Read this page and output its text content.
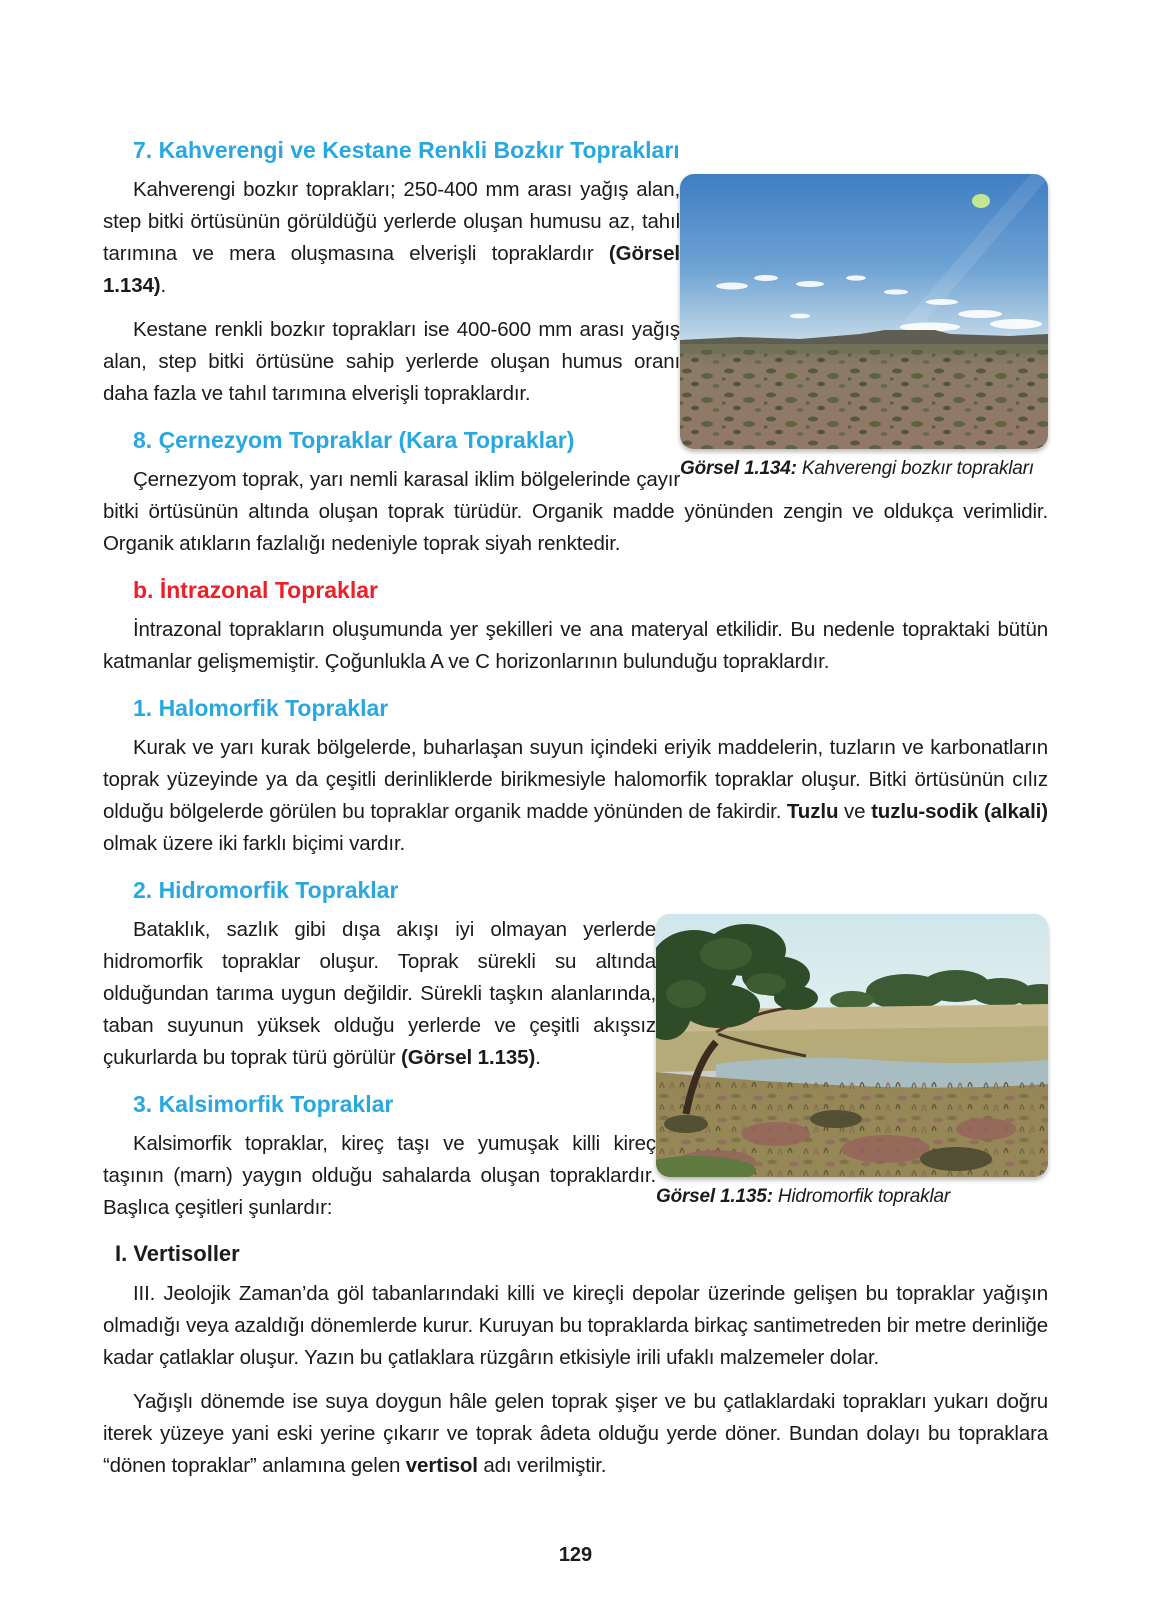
7. Kahverengi ve Kestane Renkli Bozkır Toprakları
Görsel 1.134: Kahverengi bozkır toprakları

Kahverengi bozkır toprakları; 250-400 mm arası yağış alan, step bitki örtüsünün görüldüğü yerlerde oluşan humusu az, tahıl tarımına ve mera oluşmasına elverişli topraklardır (Görsel 1.134).

Kestane renkli bozkır toprakları ise 400-600 mm arası yağış alan, step bitki örtüsüne sahip yerlerde oluşan humus oranı daha fazla ve tahıl tarımına elverişli topraklardır.

8. Çernezyom Topraklar (Kara Topraklar)

Çernezyom toprak, yarı nemli karasal iklim bölgelerinde çayır bitki örtüsünün altında oluşan toprak türüdür. Organik madde yönünden zengin ve oldukça verimlidir. Organik atıkların fazlalığı nedeniyle toprak siyah renktedir.

b. İntrazonal Topraklar

İntrazonal toprakların oluşumunda yer şekilleri ve ana materyal etkilidir. Bu nedenle topraktaki bütün katmanlar gelişmemiştir. Çoğunlukla A ve C horizonlarının bulunduğu topraklardır.

1. Halomorfik Topraklar

Kurak ve yarı kurak bölgelerde, buharlaşan suyun içindeki eriyik maddelerin, tuzların ve karbonatların toprak yüzeyinde ya da çeşitli derinliklerde birikmesiyle halomorfik topraklar oluşur. Bitki örtüsünün cılız olduğu bölgelerde görülen bu topraklar organik madde yönünden de fakirdir. Tuzlu ve tuzlu-sodik (alkali) olmak üzere iki farklı biçimi vardır.

2. Hidromorfik Topraklar
Görsel 1.135: Hidromorfik topraklar

Bataklık, sazlık gibi dışa akışı iyi olmayan yerlerde hidromorfik topraklar oluşur. Toprak sürekli su altında olduğundan tarıma uygun değildir. Sürekli taşkın alanlarında, taban suyunun yüksek olduğu yerlerde ve çeşitli akışsız çukurlarda bu toprak türü görülür (Görsel 1.135).

3. Kalsimorfik Topraklar

Kalsimorfik topraklar, kireç taşı ve yumuşak killi kireç taşının (marn) yaygın olduğu sahalarda oluşan topraklardır. Başlıca çeşitleri şunlardır:

I. Vertisoller

III. Jeolojik Zaman’da göl tabanlarındaki killi ve kireçli depolar üzerinde gelişen bu topraklar yağışın olmadığı veya azaldığı dönemlerde kurur. Kuruyan bu topraklarda birkaç santimetreden bir metre derinliğe kadar çatlaklar oluşur. Yazın bu çatlaklara rüzgârın etkisiyle irili ufaklı malzemeler dolar.

Yağışlı dönemde ise suya doygun hâle gelen toprak şişer ve bu çatlaklardaki toprakları yukarı doğru iterek yüzeye yani eski yerine çıkarır ve toprak âdeta olduğu yerde döner. Bundan dolayı bu topraklara “dönen topraklar” anlamına gelen vertisol adı verilmiştir.

129
